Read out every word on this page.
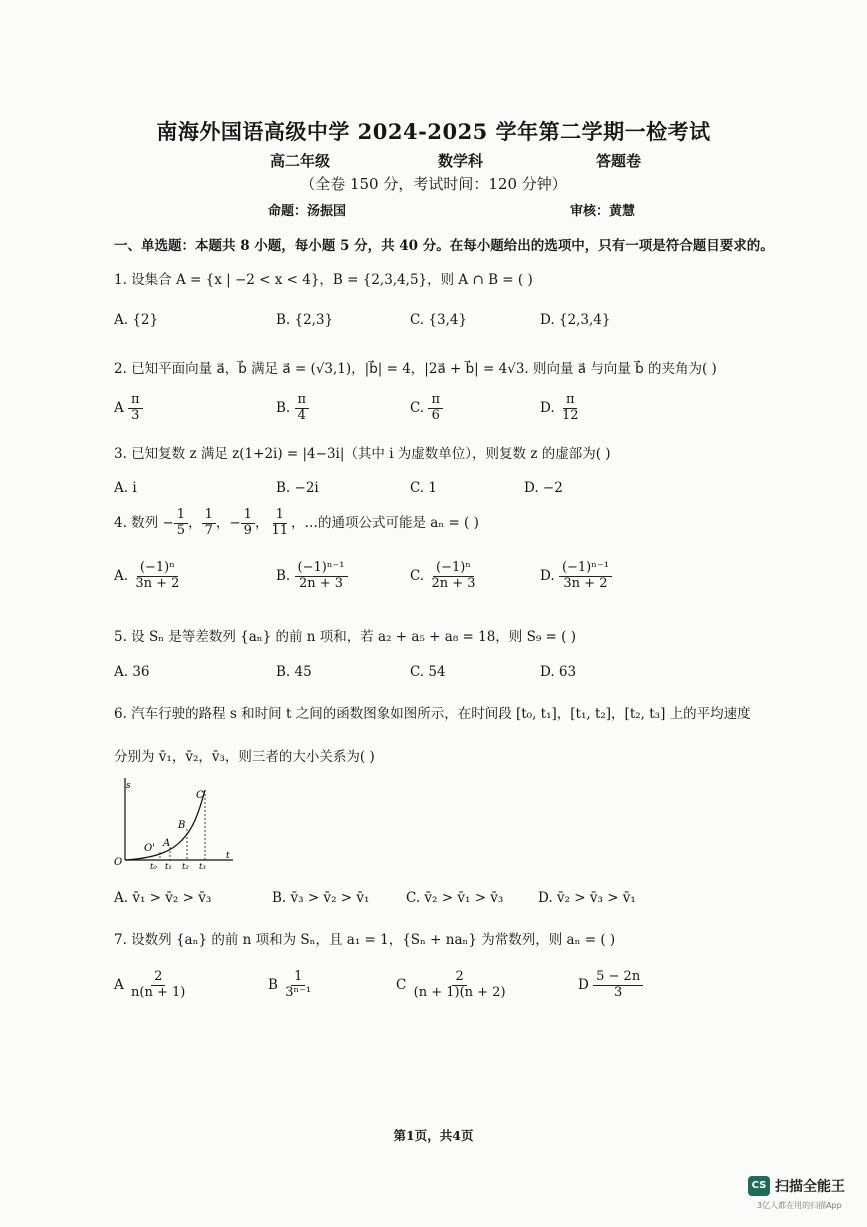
南海外国语高级中学 2024-2025 学年第二学期一检考试
高二年级	数学科	答题卷
（全卷 150 分，考试时间：120 分钟）
命题：汤振国	审核：黄慧
一、单选题：本题共 8 小题，每小题 5 分，共 40 分。在每小题给出的选项中，只有一项是符合题目要求的。
1. 设集合 A = {x | −2 < x < 4}，B = {2,3,4,5}，则 A ∩ B = ( )
A. {2}	B. {2,3}	C. {3,4}	D. {2,3,4}
2. 已知平面向量 a⃗，b⃗ 满足 a⃗ = (√3,1)，|b⃗| = 4，|2a⃗ + b⃗| = 4√3. 则向量 a⃗ 与向量 b⃗ 的夹角为( )
A $\frac{\pi}{3}$	B. $\frac{\pi}{4}$	C. $\frac{\pi}{6}$	D. $\frac{\pi}{12}$
3. 已知复数 z 满足 z(1+2i) = |4−3i|（其中 i 为虚数单位），则复数 z 的虚部为( )
A. i	B. −2i	C. 1	D. −2
4. 数列 − $\frac{1}{5}$ ， $\frac{1}{7}$ ，− $\frac{1}{9}$ ， $\frac{1}{11}$ ，…的通项公式可能是 aₙ = ( )
A. $\frac{\text{(−1)ⁿ}}{3n + 2}$	B. $\frac{\text{(−1)ⁿ⁻¹}}{2n + 3}$	C. $\frac{\text{(−1)ⁿ}}{2n + 3}$	D. $\frac{\text{(−1)ⁿ⁻¹}}{3n + 2}$
5. 设 Sₙ 是等差数列 {aₙ} 的前 n 项和，若 a₂ + a₅ + a₈ = 18，则 S₉ = ( )
A. 36	B. 45	C. 54	D. 63
6. 汽车行驶的路程 s 和时间 t 之间的函数图象如图所示，在时间段 [t₀, t₁]，[t₁, t₂]，[t₂, t₃] 上的平均速度
分别为 v̄₁，v̄₂，v̄₃，则三者的大小关系为( )
s
t
O
O' A
B
C
t₀ t₁ t₂ t₃
A. v̄₁ > v̄₂ > v̄₃	B. v̄₃ > v̄₂ > v̄₁	C. v̄₂ > v̄₁ > v̄₃	D. v̄₂ > v̄₃ > v̄₁
7. 设数列 {aₙ} 的前 n 项和为 Sₙ，且 a₁ = 1，{Sₙ + naₙ} 为常数列，则 aₙ = ( )
A $\frac{2}{n(n + 1)}$	B $\frac{1}{\text{3ⁿ⁻¹}}$	C $\frac{2}{(n + 1)(n + 2)}$	D $\frac{5 - 2n}{3}$
第1页，共4页
CS 扫描全能王
3亿人都在用的扫描App
